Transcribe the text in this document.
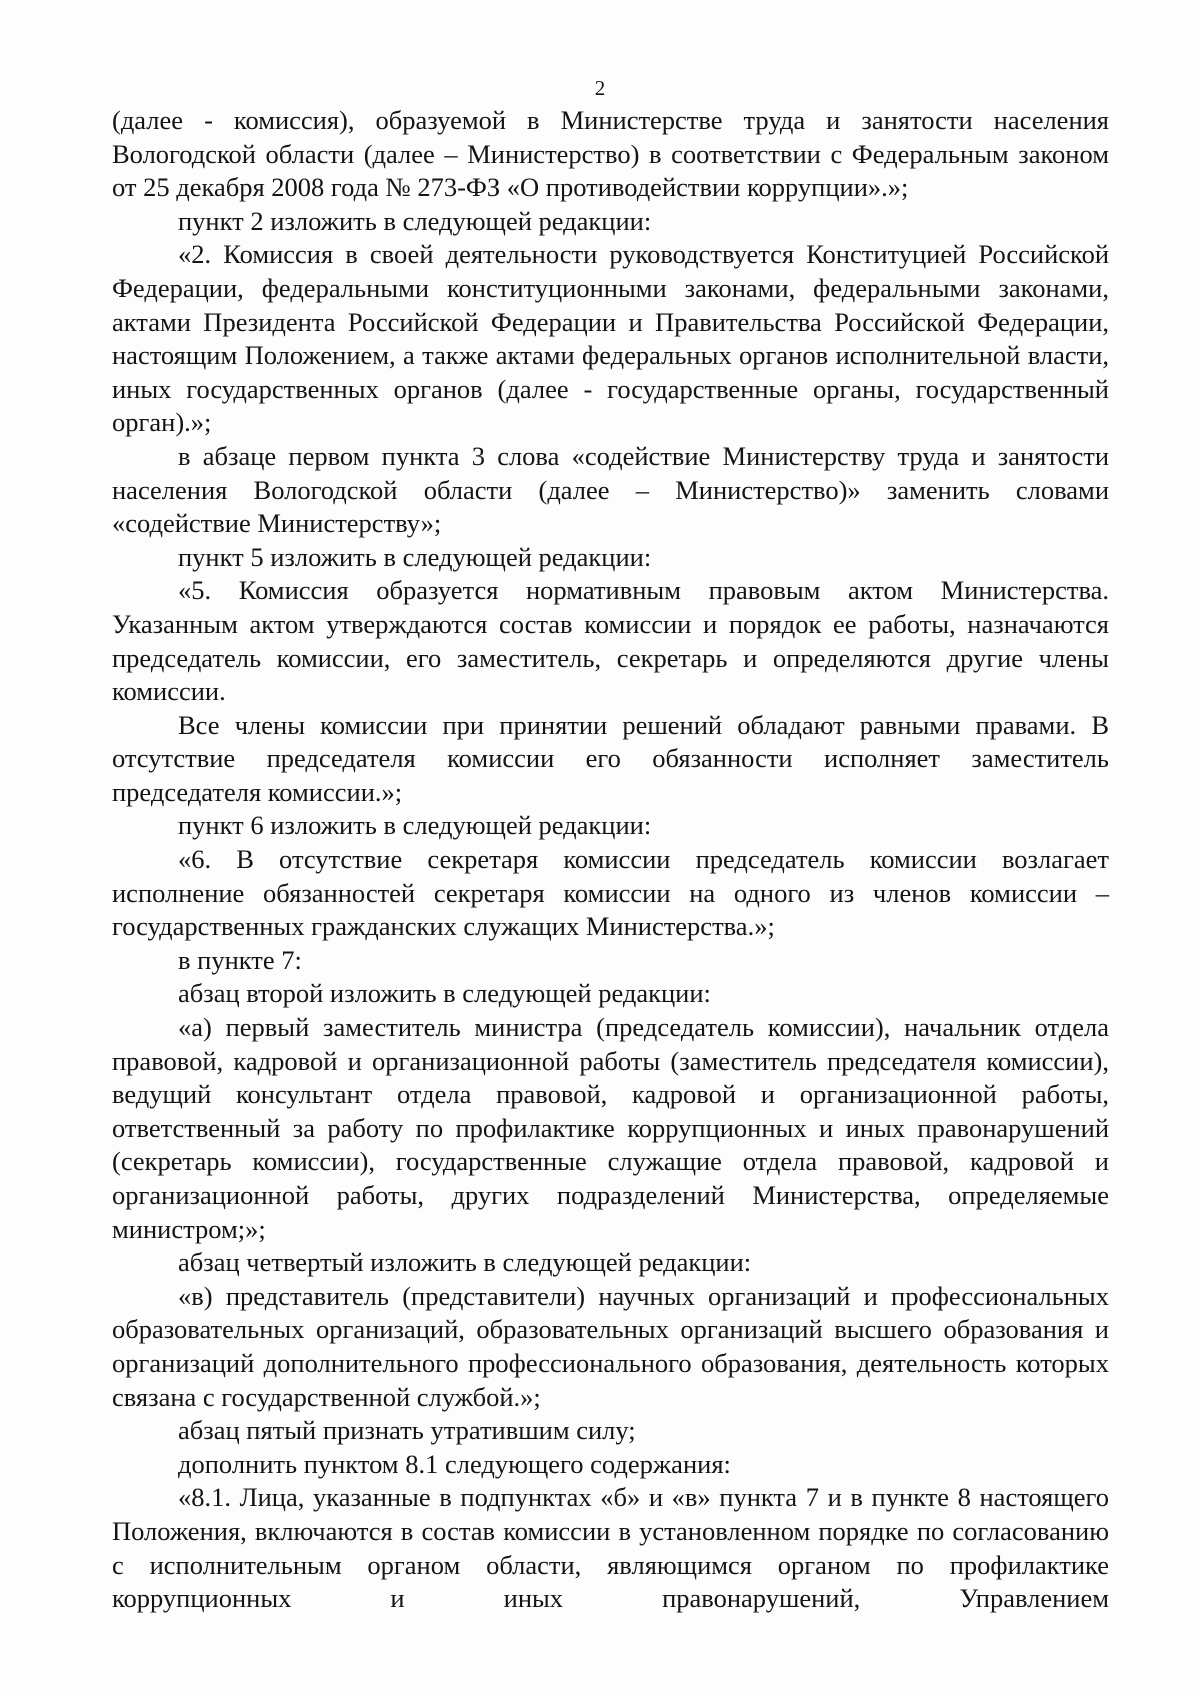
2

(далее - комиссия), образуемой в Министерстве труда и занятости населения Вологодской области (далее – Министерство) в соответствии с Федеральным законом от 25 декабря 2008 года № 273-ФЗ «О противодействии коррупции».»;

пункт 2 изложить в следующей редакции:

«2. Комиссия в своей деятельности руководствуется Конституцией Российской Федерации, федеральными конституционными законами, федеральными законами, актами Президента Российской Федерации и Правительства Российской Федерации, настоящим Положением, а также актами федеральных органов исполнительной власти, иных государственных органов (далее - государственные органы, государственный орган).»;

в абзаце первом пункта 3 слова «содействие Министерству труда и занятости населения Вологодской области (далее – Министерство)» заменить словами «содействие Министерству»;

пункт 5 изложить в следующей редакции:

«5. Комиссия образуется нормативным правовым актом Министерства. Указанным актом утверждаются состав комиссии и порядок ее работы, назначаются председатель комиссии, его заместитель, секретарь и определяются другие члены комиссии.

Все члены комиссии при принятии решений обладают равными правами. В отсутствие председателя комиссии его обязанности исполняет заместитель председателя комиссии.»;

пункт 6 изложить в следующей редакции:

«6. В отсутствие секретаря комиссии председатель комиссии возлагает исполнение обязанностей секретаря комиссии на одного из членов комиссии – государственных гражданских служащих Министерства.»;

в пункте 7:

абзац второй изложить в следующей редакции:

«а) первый заместитель министра (председатель комиссии), начальник отдела правовой, кадровой и организационной работы (заместитель председателя комиссии), ведущий консультант отдела правовой, кадровой и организационной работы, ответственный за работу по профилактике коррупционных и иных правонарушений (секретарь комиссии), государственные служащие отдела правовой, кадровой и организационной работы, других подразделений Министерства, определяемые министром;»;

абзац четвертый изложить в следующей редакции:

«в) представитель (представители) научных организаций и профессиональных образовательных организаций, образовательных организаций высшего образования и организаций дополнительного профессионального образования, деятельность которых связана с государственной службой.»;

абзац пятый признать утратившим силу;

дополнить пунктом 8.1 следующего содержания:

«8.1. Лица, указанные в подпунктах «б» и «в» пункта 7 и в пункте 8 настоящего Положения, включаются в состав комиссии в установленном порядке по согласованию с исполнительным органом области, являющимся органом по профилактике коррупционных и иных правонарушений, Управлением
